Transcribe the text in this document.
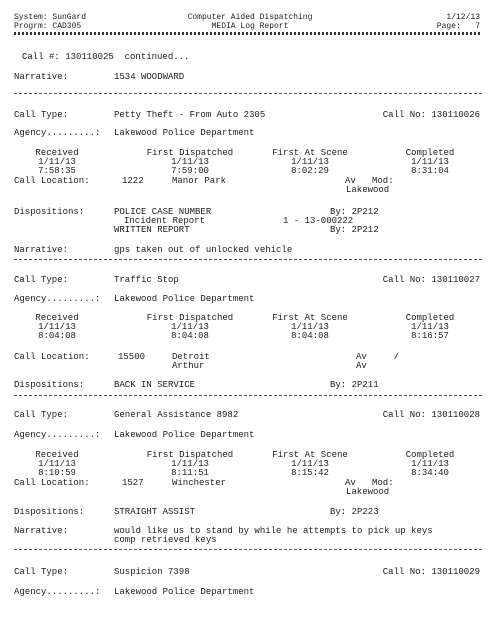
System: SunGard
Progrm: CAD305
Computer Aided Dispatching
MEDIA Log Report
1/12/13
Page:   7
Call #: 130110025  continued...
Narrative:	1534 WOODWARD
Call Type:	Petty Theft - From Auto 2305	Call No: 130110026
Agency.........: Lakewood Police Department
Received	First Dispatched	First At Scene	Completed
1/11/13	1/11/13	1/11/13	1/11/13
7:58:35	7:59:00	8:02:29	8:31:04
Call Location:	1222	Manor Park	Av   Mod:
Lakewood
Dispositions:	POLICE CASE NUMBER	By: 2P212
Incident Report	1 - 13-000222
WRITTEN REPORT	By: 2P212
Narrative:	gps taken out of unlocked vehicle
Call Type:	Traffic Stop	Call No: 130110027
Agency.........: Lakewood Police Department
Received	First Dispatched	First At Scene	Completed
1/11/13	1/11/13	1/11/13	1/11/13
8:04:08	8:04:08	8:04:08	8:16:57
Call Location:	15500	Detroit
Arthur
Av     /
Av
Dispositions:	BACK IN SERVICE	By: 2P211
Call Type:	General Assistance 8982	Call No: 130110028
Agency.........: Lakewood Police Department
Received	First Dispatched	First At Scene	Completed
1/11/13	1/11/13	1/11/13	1/11/13
8:10:59	8:11:51	8:15:42	8:34:40
Call Location:	1527	Winchester	Av   Mod:
Lakewood
Dispositions:	STRAIGHT ASSIST	By: 2P223
Narrative:	would like us to stand by while he attempts to pick up keys
comp retrieved keys
Call Type:	Suspicion 7398	Call No: 130110029
Agency.........: Lakewood Police Department
